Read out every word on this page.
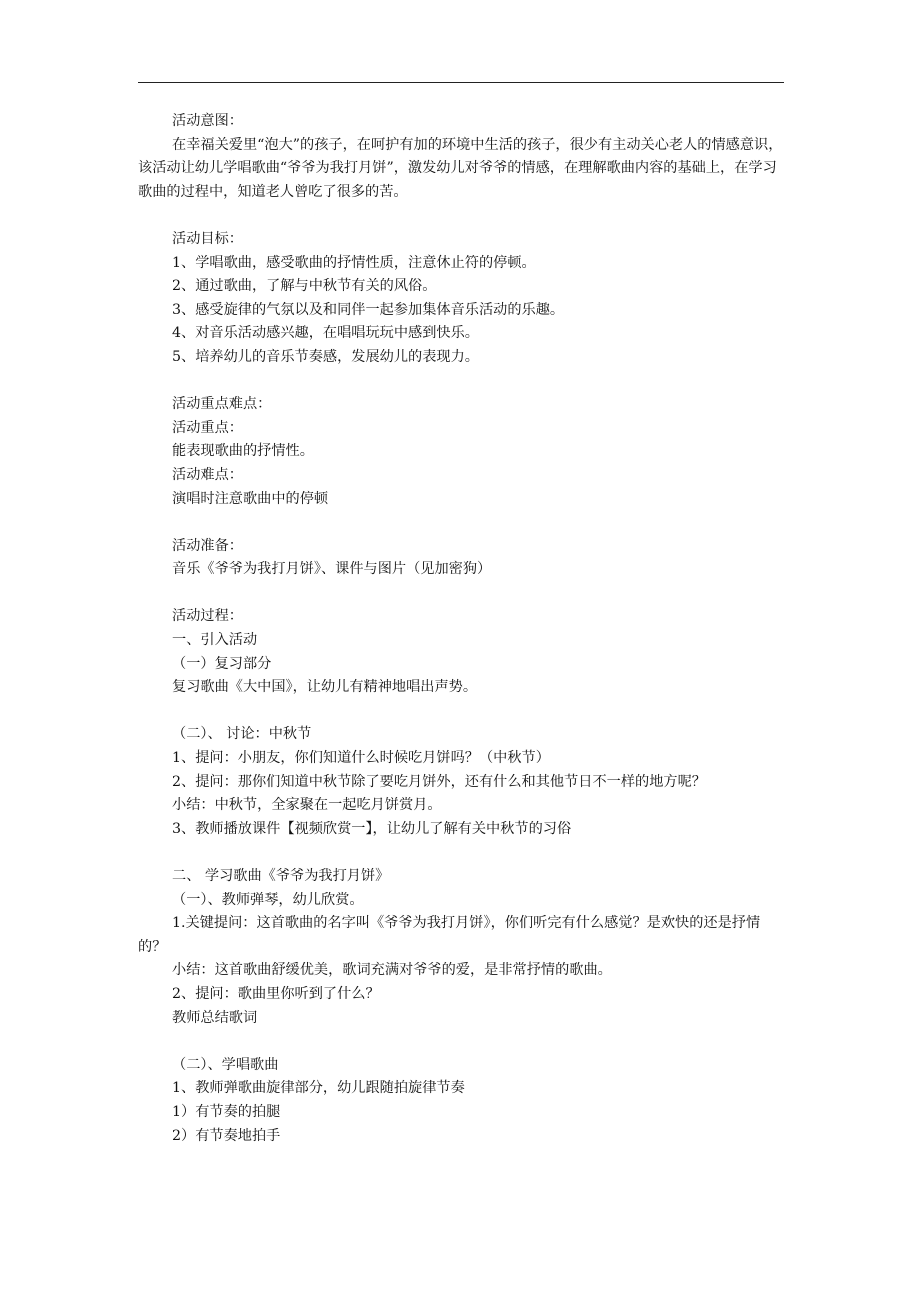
活动意图：
在幸福关爱里“泡大”的孩子，在呵护有加的环境中生活的孩子，很少有主动关心老人的情感意识，该活动让幼儿学唱歌曲“爷爷为我打月饼”，激发幼儿对爷爷的情感，在理解歌曲内容的基础上，在学习歌曲的过程中，知道老人曾吃了很多的苦。
活动目标：
1、学唱歌曲，感受歌曲的抒情性质，注意休止符的停顿。
2、通过歌曲，了解与中秋节有关的风俗。
3、感受旋律的气氛以及和同伴一起参加集体音乐活动的乐趣。
4、对音乐活动感兴趣，在唱唱玩玩中感到快乐。
5、培养幼儿的音乐节奏感，发展幼儿的表现力。
活动重点难点：
活动重点：
能表现歌曲的抒情性。
活动难点：
演唱时注意歌曲中的停顿
活动准备：
音乐《爷爷为我打月饼》、课件与图片（见加密狗）
活动过程：
一、引入活动
（一）复习部分
复习歌曲《大中国》，让幼儿有精神地唱出声势。
（二）、 讨论：中秋节
1、提问：小朋友，你们知道什么时候吃月饼吗？（中秋节）
2、提问：那你们知道中秋节除了要吃月饼外，还有什么和其他节日不一样的地方呢？
小结：中秋节，全家聚在一起吃月饼赏月。
3、教师播放课件【视频欣赏一】，让幼儿了解有关中秋节的习俗
二、 学习歌曲《爷爷为我打月饼》
（一）、教师弹琴，幼儿欣赏。
1.关键提问：这首歌曲的名字叫《爷爷为我打月饼》，你们听完有什么感觉？是欢快的还是抒情的？
小结：这首歌曲舒缓优美，歌词充满对爷爷的爱，是非常抒情的歌曲。
2、提问：歌曲里你听到了什么？
教师总结歌词
（二）、学唱歌曲
1、教师弹歌曲旋律部分，幼儿跟随拍旋律节奏
1）有节奏的拍腿
2）有节奏地拍手
